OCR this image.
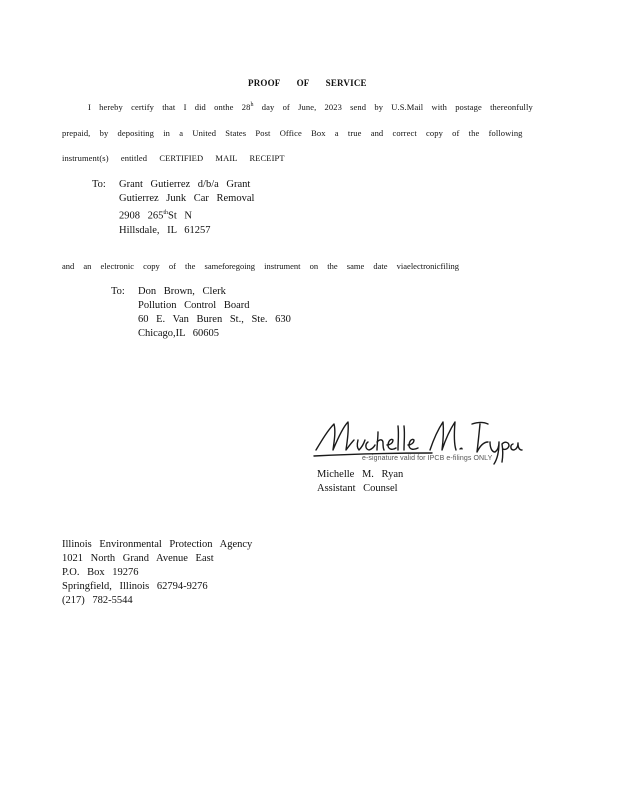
PROOF OF SERVICE
I hereby certify that I did onthe 28$^h$ day of June, 2023 send by U.S.Mail with postage thereonfully
prepaid, by depositing in a United States Post Office Box a true and correct copy of the following
instrument(s) entitled CERTIFIED MAIL RECEIPT
To: Grant Gutierrez d/b/a Grant
Gutierrez Junk Car Removal
2908 265thSt N
Hillsdale, IL 61257
and an electronic copy of the sameforegoing instrument on the same date viaelectronicfiling
To: Don Brown, Clerk
Pollution Control Board
60 E. Van Buren St., Ste. 630
Chicago,IL 60605
e-signature valid for IPCB e-filings ONLY
Michelle M. Ryan
Assistant Counsel
Illinois Environmental Protection Agency
1021 North Grand Avenue East
P.O. Box 19276
Springfield, Illinois 62794-9276
(217) 782-5544
